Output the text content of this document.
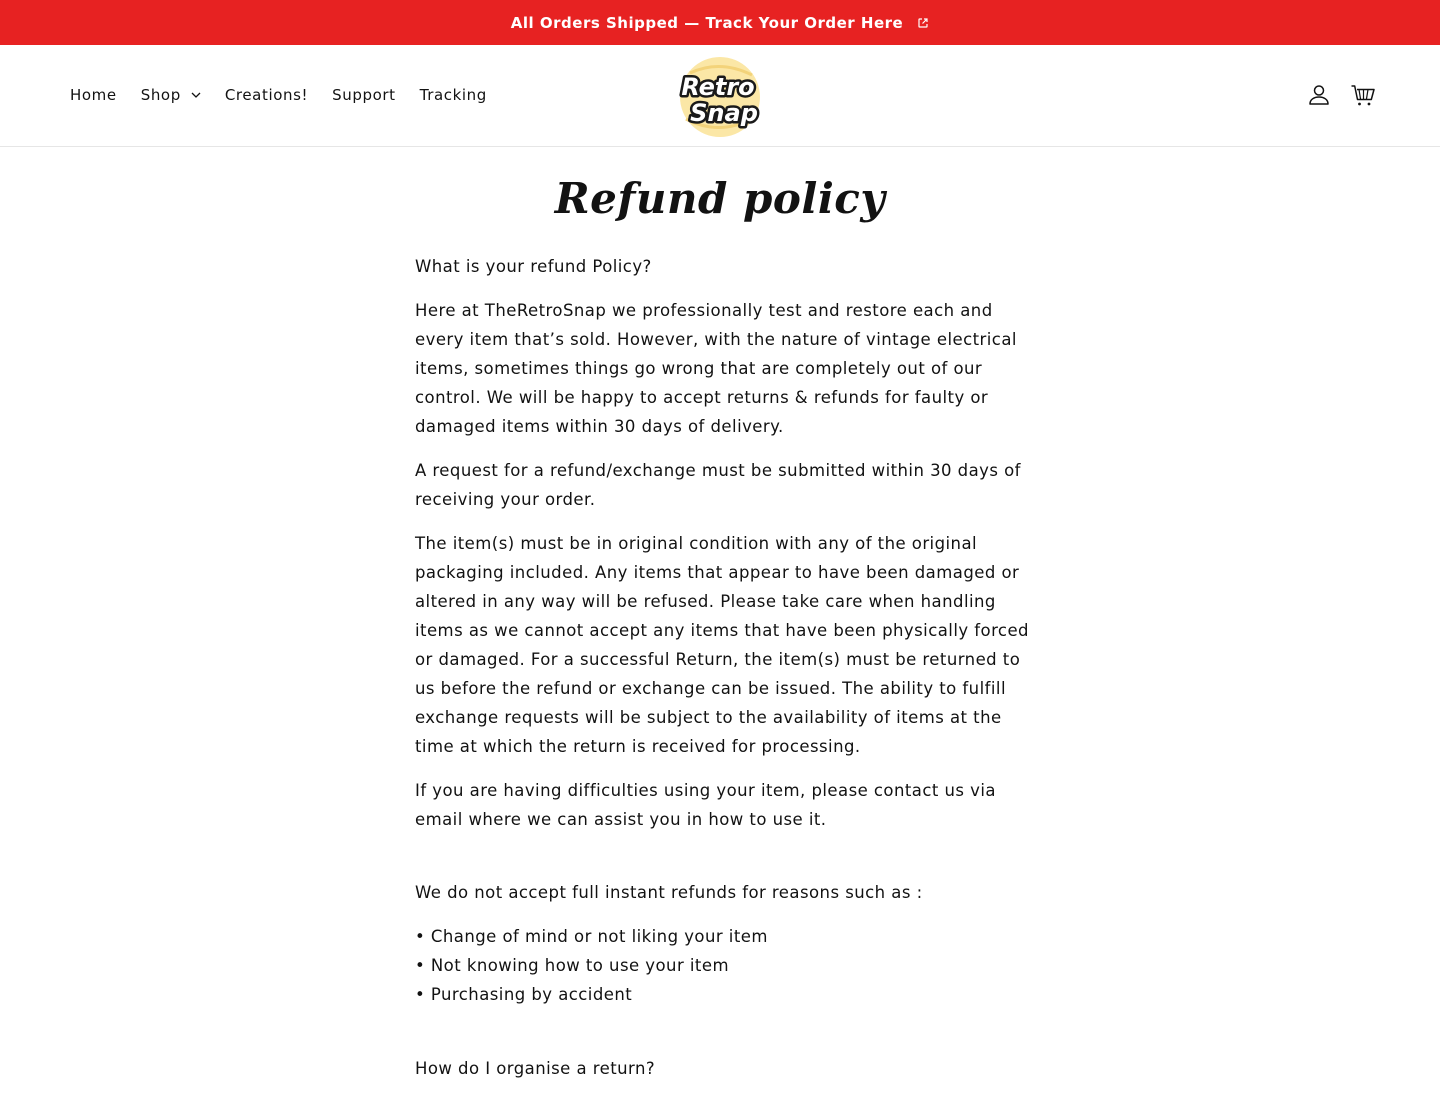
All Orders Shipped — Track Your Order Here
Home Shop	Creations! Support Tracking	Retro
Snap
Refund policy

What is your refund Policy?

Here at TheRetroSnap we professionally test and restore each and every item that’s sold. However, with the nature of vintage electrical items, sometimes things go wrong that are completely out of our control. We will be happy to accept returns & refunds for faulty or damaged items within 30 days of delivery.

A request for a refund/exchange must be submitted within 30 days of receiving your order.

The item(s) must be in original condition with any of the original packaging included. Any items that appear to have been damaged or altered in any way will be refused. Please take care when handling items as we cannot accept any items that have been physically forced or damaged. For a successful Return, the item(s) must be returned to us before the refund or exchange can be issued. The ability to fulfill exchange requests will be subject to the availability of items at the time at which the return is received for processing.

If you are having difficulties using your item, please contact us via email where we can assist you in how to use it.

We do not accept full instant refunds for reasons such as :

• Change of mind or not liking your item
• Not knowing how to use your item
• Purchasing by accident

How do I organise a return?
